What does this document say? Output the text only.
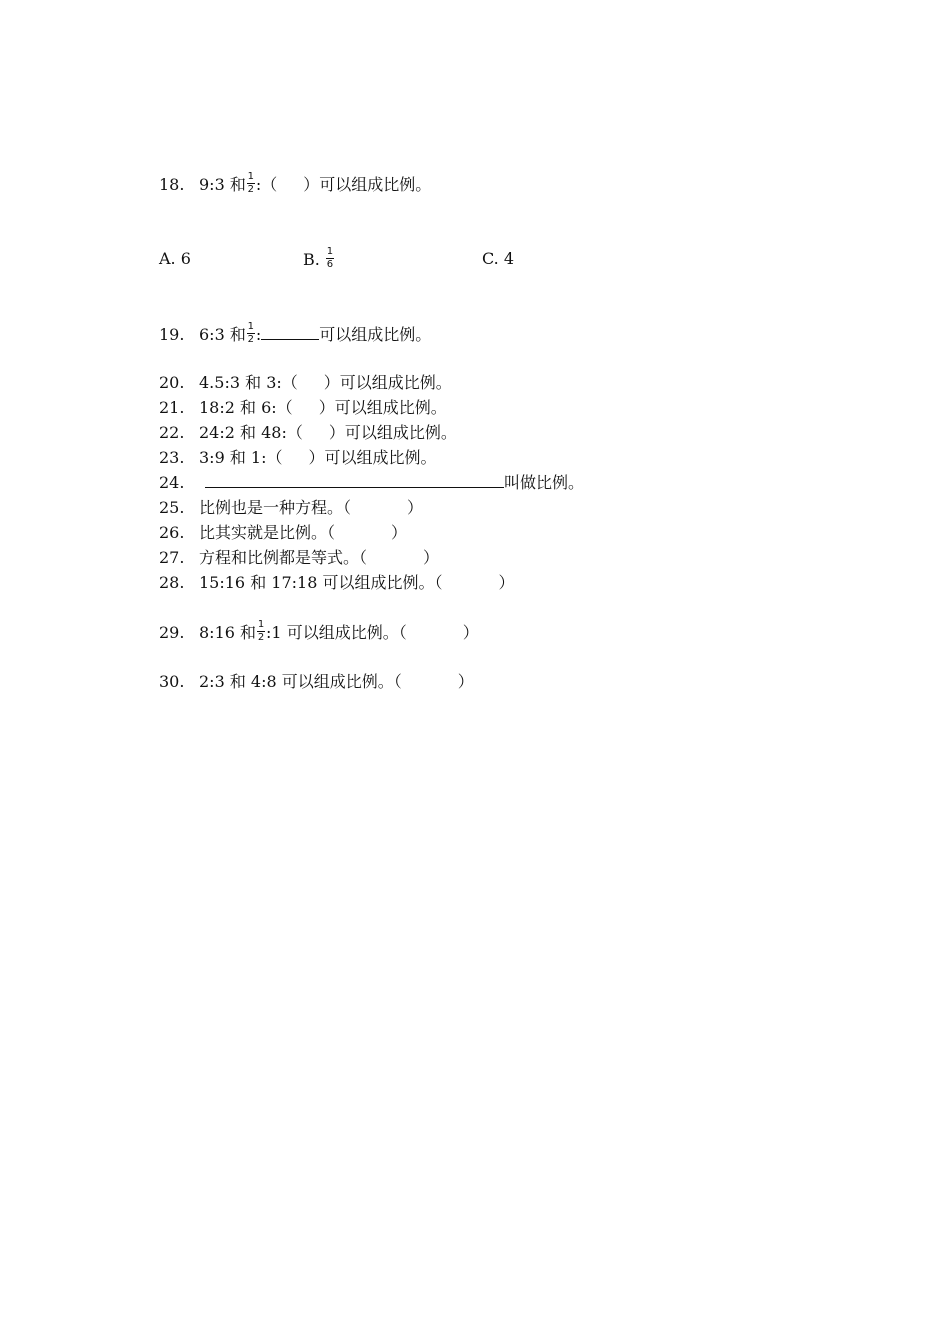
18. 9:3 和 $\frac{1}{2}$ :（ ）可以组成比例。
A. 6	B. $\frac{1}{6}$	C. 4
19. 6:3 和 $\frac{1}{2}$ :	可以组成比例。
20. 4.5:3 和 3:（ ）可以组成比例。
21. 18:2 和 6:（ ）可以组成比例。
22. 24:2 和 48:（ ）可以组成比例。
23. 3:9 和 1:（ ）可以组成比例。
24.	叫做比例。
25. 比例也是一种方程。（	）
26. 比其实就是比例。（	）
27. 方程和比例都是等式。（	）
28. 15:16 和 17:18 可以组成比例。（	）
29. 8:16 和 $\frac{1}{2}$ :1 可以组成比例。（	）
30. 2:3 和 4:8 可以组成比例。（	）
